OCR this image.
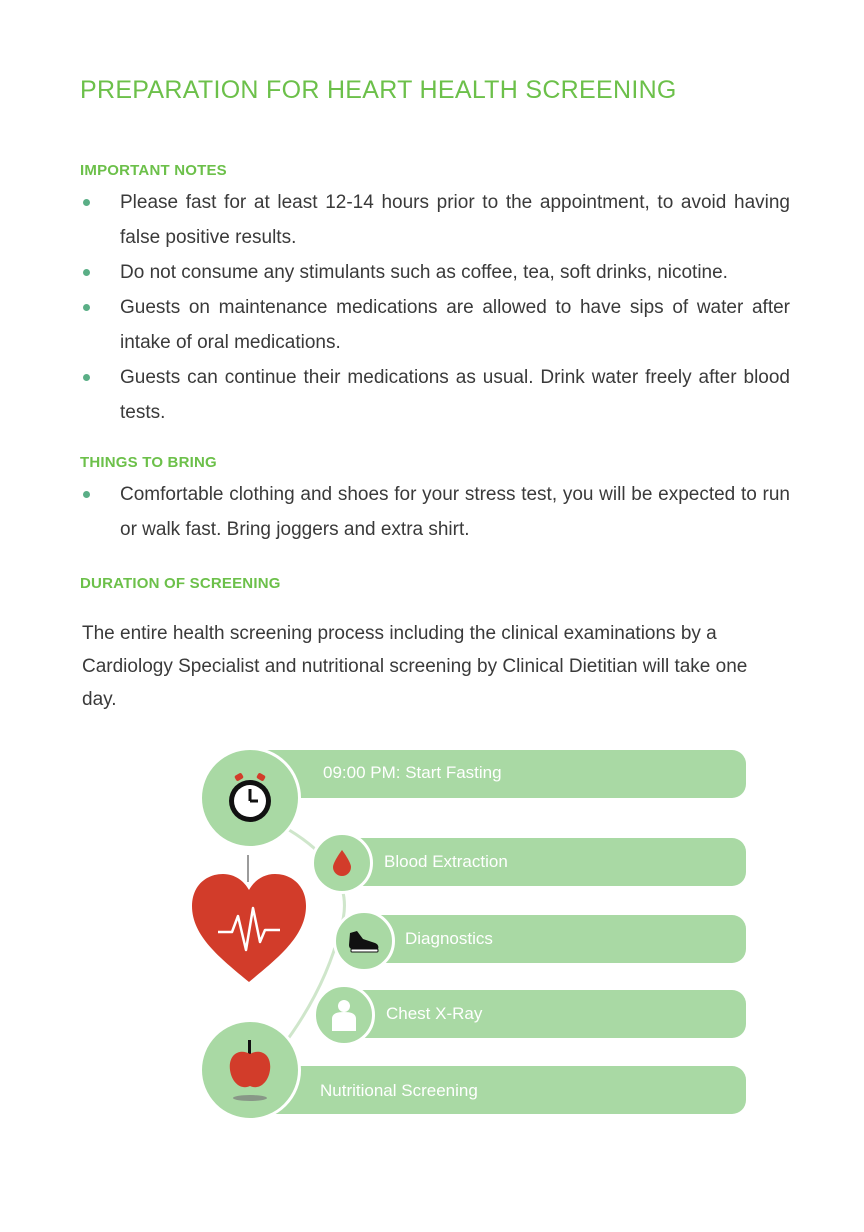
PREPARATION FOR HEART HEALTH SCREENING
IMPORTANT NOTES
Please fast for at least 12-14 hours prior to the appointment, to avoid having false positive results.
Do not consume any stimulants such as coffee, tea, soft drinks, nicotine.
Guests on maintenance medications are allowed to have sips of water after intake of oral medications.
Guests can continue their medications as usual. Drink water freely after blood tests.
THINGS TO BRING
Comfortable clothing and shoes for your stress test, you will be expected to run or walk fast. Bring joggers and extra shirt.
DURATION OF SCREENING

The entire health screening process including the clinical examinations by a Cardiology Specialist and nutritional screening by Clinical Dietitian will take one day.

09:00 PM: Start Fasting
Blood Extraction
Diagnostics
Chest X-Ray
Nutritional Screening
